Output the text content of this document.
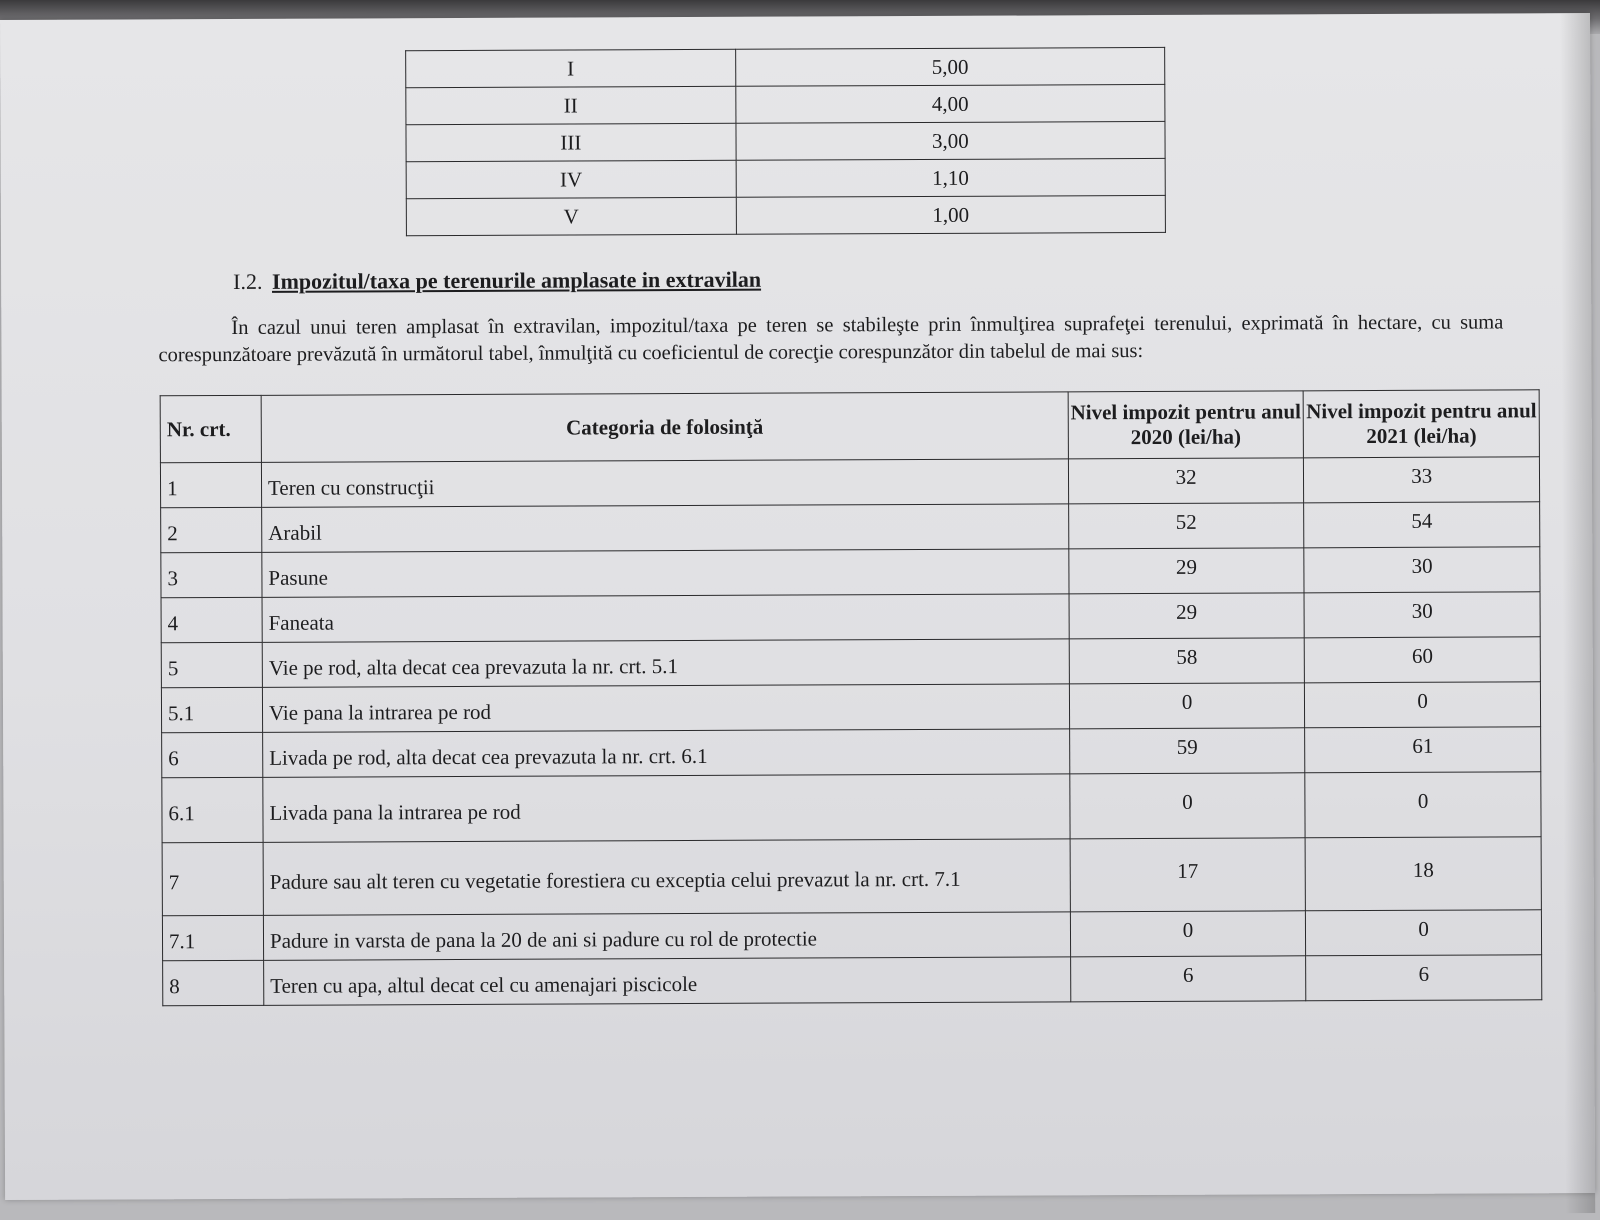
I	5,00
II	4,00
III	3,00
IV	1,10
V	1,00
I.2. Impozitul/taxa pe terenurile amplasate in extravilan
În cazul unui teren amplasat în extravilan, impozitul/taxa pe teren se stabileşte prin înmulţirea suprafeţei terenului, exprimată în hectare, cu suma corespunzătoare prevăzută în următorul tabel, înmulţită cu coeficientul de corecţie corespunzător din tabelul de mai sus:
Nr. crt.	Categoria de folosinţă	Nivel impozit pentru anul 2020 (lei/ha)	Nivel impozit pentru anul 2021 (lei/ha)
1	Teren cu construcţii	32	33
2	Arabil	52	54
3	Pasune	29	30
4	Faneata	29	30
5	Vie pe rod, alta decat cea prevazuta la nr. crt. 5.1	58	60
5.1	Vie pana la intrarea pe rod	0	0
6	Livada pe rod, alta decat cea prevazuta la nr. crt. 6.1	59	61
6.1	Livada pana la intrarea pe rod	0	0
7	Padure sau alt teren cu vegetatie forestiera cu exceptia celui prevazut la nr. crt. 7.1	17	18
7.1	Padure in varsta de pana la 20 de ani si padure cu rol de protectie	0	0
8	Teren cu apa, altul decat cel cu amenajari piscicole	6	6
